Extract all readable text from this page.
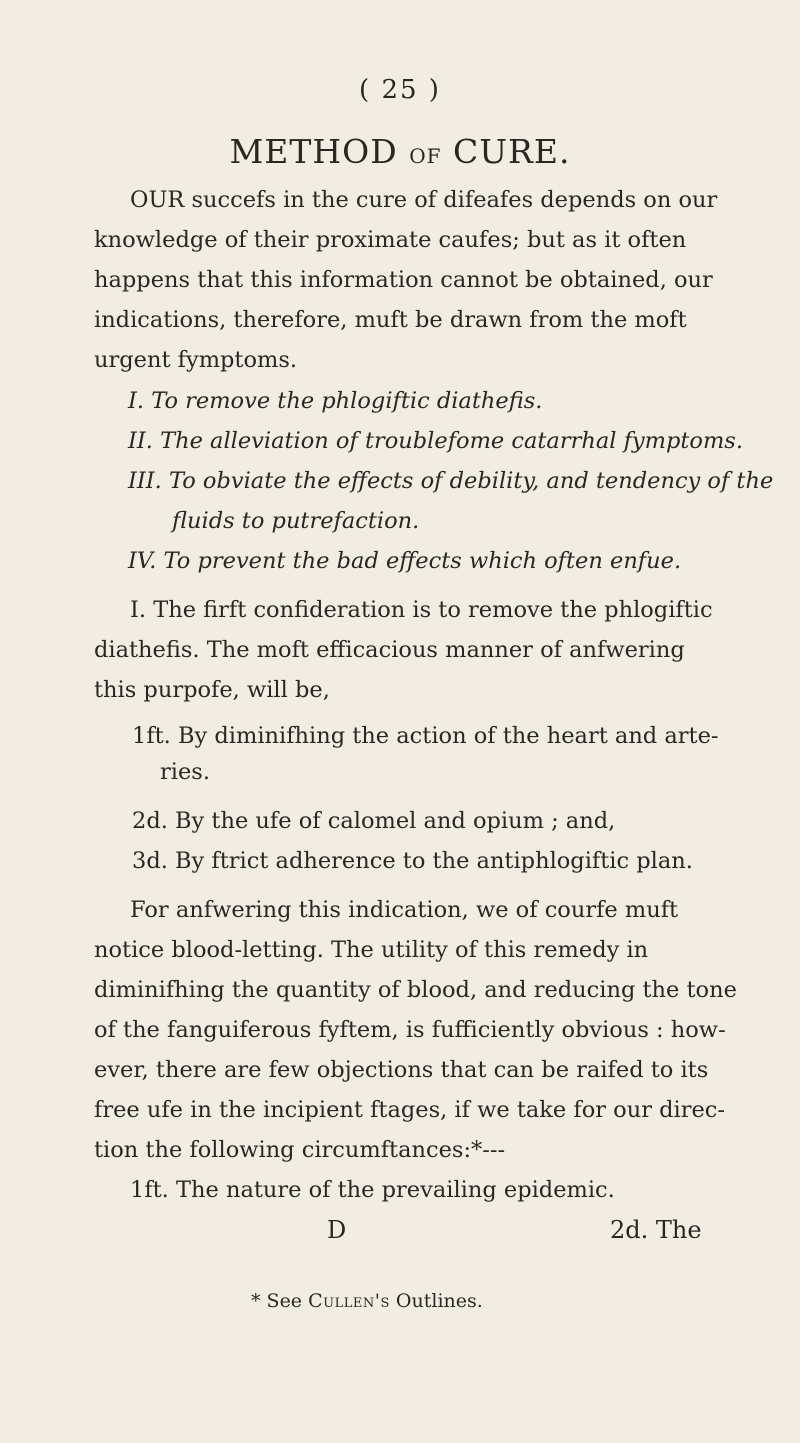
( 25 )
METHOD OF CURE.
OUR succefs in the cure of difeafes depends on our
knowledge of their proximate caufes; but as it often
happens that this information cannot be obtained, our
indications, therefore, muft be drawn from the moft
urgent fymptoms.
I. To remove the phlogiftic diathefis.
II. The alleviation of troublefome catarrhal fymptoms.
III. To obviate the effects of debility, and tendency of the
fluids to putrefaction.
IV. To prevent the bad effects which often enfue.
I. The firft confideration is to remove the phlogiftic
diathefis. The moft efficacious manner of anfwering
this purpofe, will be,
1ft. By diminifhing the action of the heart and arte-
ries.
2d. By the ufe of calomel and opium ; and,
3d. By ftrict adherence to the antiphlogiftic plan.
For anfwering this indication, we of courfe muft
notice blood-letting. The utility of this remedy in
diminifhing the quantity of blood, and reducing the tone
of the fanguiferous fyftem, is fufficiently obvious : how-
ever, there are few objections that can be raifed to its
free ufe in the incipient ftages, if we take for our direc-
tion the following circumftances:*---
1ft. The nature of the prevailing epidemic.
D	2d. The
* See Cullen's Outlines.
